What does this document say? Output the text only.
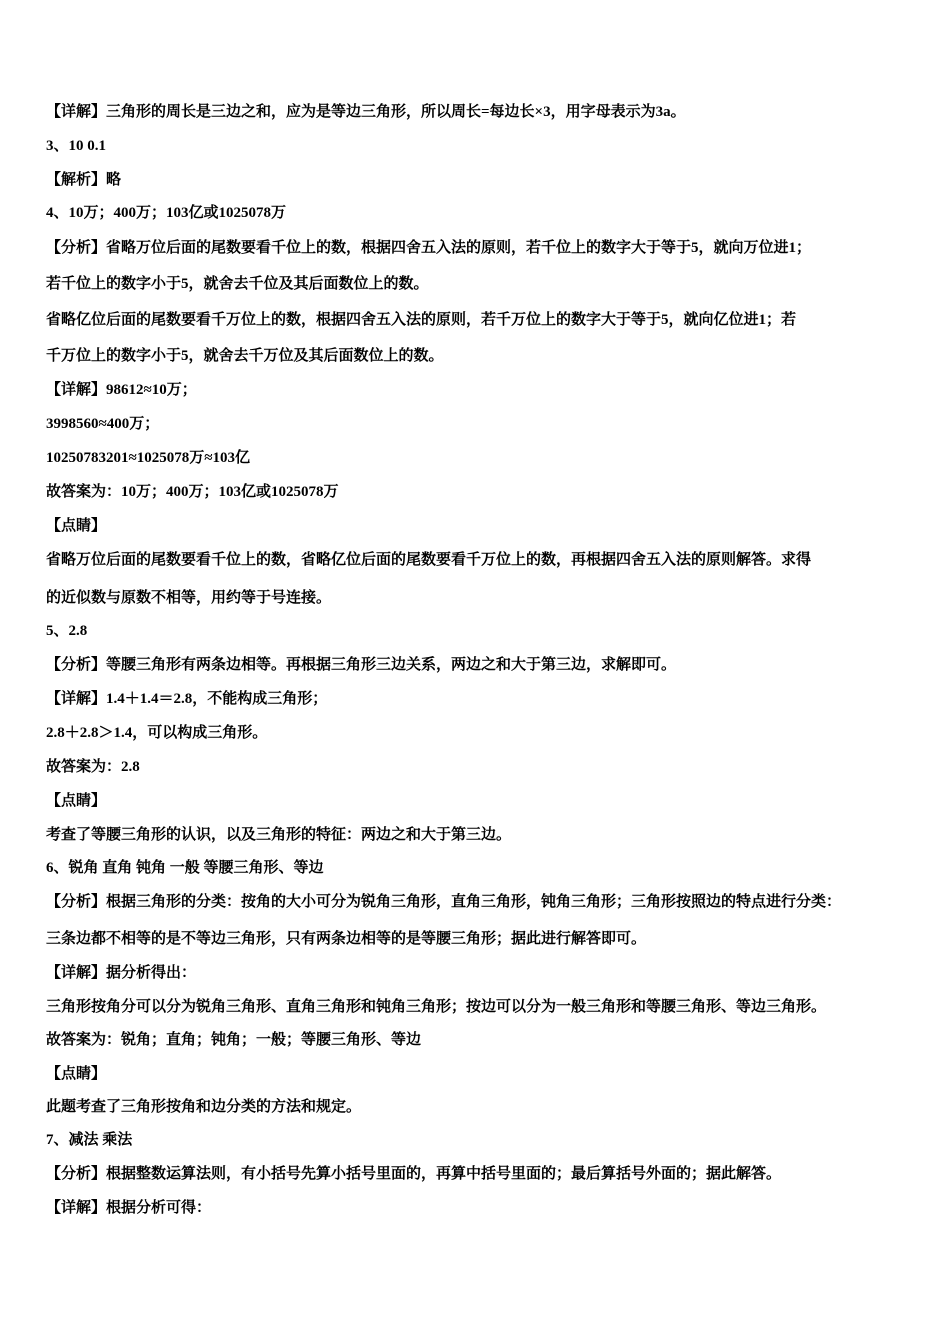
【详解】三角形的周长是三边之和，应为是等边三角形，所以周长=每边长×3，用字母表示为3a。
3、10 0.1
【解析】略
4、10万；400万；103亿或1025078万
【分析】省略万位后面的尾数要看千位上的数，根据四舍五入法的原则，若千位上的数字大于等于5，就向万位进1；
若千位上的数字小于5，就舍去千位及其后面数位上的数。
省略亿位后面的尾数要看千万位上的数，根据四舍五入法的原则，若千万位上的数字大于等于5，就向亿位进1；若
千万位上的数字小于5，就舍去千万位及其后面数位上的数。
【详解】98612≈10万；
3998560≈400万；
10250783201≈1025078万≈103亿
故答案为：10万；400万；103亿或1025078万
【点睛】
省略万位后面的尾数要看千位上的数，省略亿位后面的尾数要看千万位上的数，再根据四舍五入法的原则解答。求得
的近似数与原数不相等，用约等于号连接。
5、2.8
【分析】等腰三角形有两条边相等。再根据三角形三边关系，两边之和大于第三边，求解即可。
【详解】1.4＋1.4＝2.8，不能构成三角形；
2.8＋2.8＞1.4，可以构成三角形。
故答案为：2.8
【点睛】
考查了等腰三角形的认识，以及三角形的特征：两边之和大于第三边。
6、锐角 直角 钝角 一般 等腰三角形、等边
【分析】根据三角形的分类：按角的大小可分为锐角三角形，直角三角形，钝角三角形；三角形按照边的特点进行分类：
三条边都不相等的是不等边三角形，只有两条边相等的是等腰三角形；据此进行解答即可。
【详解】据分析得出：
三角形按角分可以分为锐角三角形、直角三角形和钝角三角形；按边可以分为一般三角形和等腰三角形、等边三角形。
故答案为：锐角；直角；钝角；一般；等腰三角形、等边
【点睛】
此题考查了三角形按角和边分类的方法和规定。
7、减法 乘法
【分析】根据整数运算法则，有小括号先算小括号里面的，再算中括号里面的；最后算括号外面的；据此解答。
【详解】根据分析可得：
